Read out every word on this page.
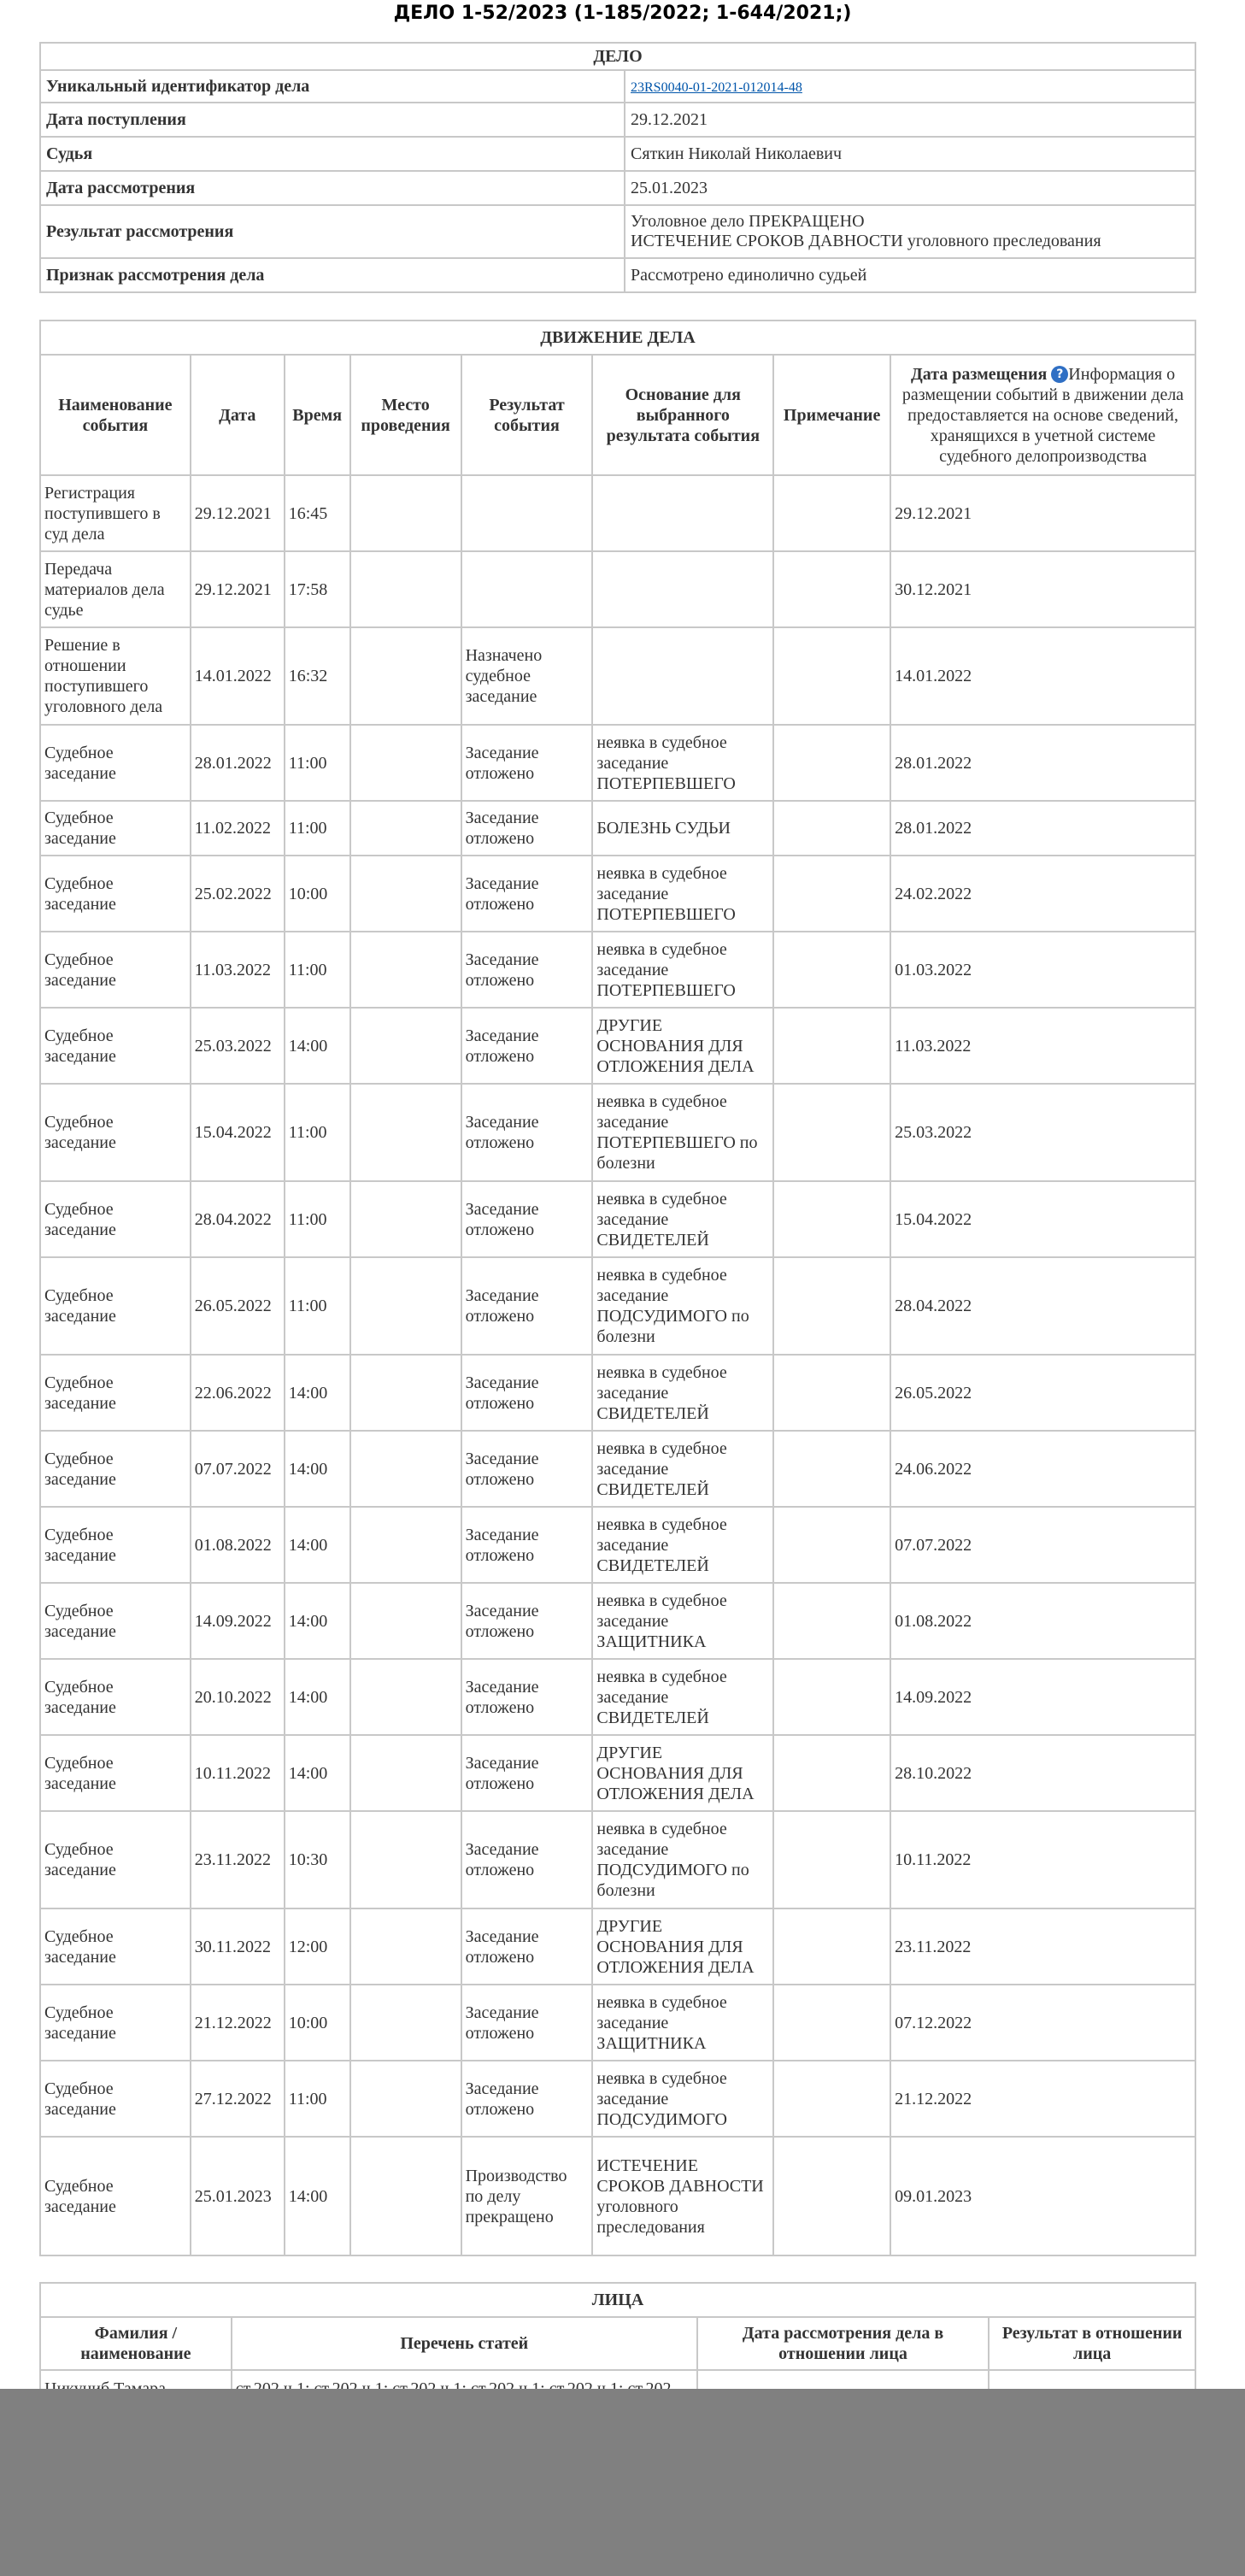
ДЕЛО 1-52/2023 (1-185/2022; 1-644/2021;)
ДЕЛО	
Уникальный идентификатор дела	23RS0040-01-2021-012014-48
Дата поступления	29.12.2021
Судья	Сяткин Николай Николаевич
Дата рассмотрения	25.01.2023
Результат рассмотрения	Уголовное дело ПРЕКРАЩЕНО
ИСТЕЧЕНИЕ СРОКОВ ДАВНОСТИ уголовного преследования
Признак рассмотрения дела	Рассмотрено единолично судьей
ДВИЖЕНИЕ ДЕЛА							
Наименование события	Дата	Время	Место проведения	Результат события	Основание для выбранного результата события	Примечание	Дата размещения ? Информация о размещении событий в движении дела предоставляется на основе сведений, хранящихся в учетной системе судебного делопроизводства
Регистрация поступившего в суд дела	29.12.2021	16:45					29.12.2021
Передача материалов дела судье	29.12.2021	17:58					30.12.2021
Решение в отношении поступившего уголовного дела	14.01.2022	16:32		Назначено судебное заседание			14.01.2022
Судебное заседание	28.01.2022	11:00		Заседание отложено	неявка в судебное заседание ПОТЕРПЕВШЕГО		28.01.2022
Судебное заседание	11.02.2022	11:00		Заседание отложено	БОЛЕЗНЬ СУДЬИ		28.01.2022
Судебное заседание	25.02.2022	10:00		Заседание отложено	неявка в судебное заседание ПОТЕРПЕВШЕГО		24.02.2022
Судебное заседание	11.03.2022	11:00		Заседание отложено	неявка в судебное заседание ПОТЕРПЕВШЕГО		01.03.2022
Судебное заседание	25.03.2022	14:00		Заседание отложено	ДРУГИЕ ОСНОВАНИЯ ДЛЯ ОТЛОЖЕНИЯ ДЕЛА		11.03.2022
Судебное заседание	15.04.2022	11:00		Заседание отложено	неявка в судебное заседание ПОТЕРПЕВШЕГО по болезни		25.03.2022
Судебное заседание	28.04.2022	11:00		Заседание отложено	неявка в судебное заседание СВИДЕТЕЛЕЙ		15.04.2022
Судебное заседание	26.05.2022	11:00		Заседание отложено	неявка в судебное заседание ПОДСУДИМОГО по болезни		28.04.2022
Судебное заседание	22.06.2022	14:00		Заседание отложено	неявка в судебное заседание СВИДЕТЕЛЕЙ		26.05.2022
Судебное заседание	07.07.2022	14:00		Заседание отложено	неявка в судебное заседание СВИДЕТЕЛЕЙ		24.06.2022
Судебное заседание	01.08.2022	14:00		Заседание отложено	неявка в судебное заседание СВИДЕТЕЛЕЙ		07.07.2022
Судебное заседание	14.09.2022	14:00		Заседание отложено	неявка в судебное заседание ЗАЩИТНИКА		01.08.2022
Судебное заседание	20.10.2022	14:00		Заседание отложено	неявка в судебное заседание СВИДЕТЕЛЕЙ		14.09.2022
Судебное заседание	10.11.2022	14:00		Заседание отложено	ДРУГИЕ ОСНОВАНИЯ ДЛЯ ОТЛОЖЕНИЯ ДЕЛА		28.10.2022
Судебное заседание	23.11.2022	10:30		Заседание отложено	неявка в судебное заседание ПОДСУДИМОГО по болезни		10.11.2022
Судебное заседание	30.11.2022	12:00		Заседание отложено	ДРУГИЕ ОСНОВАНИЯ ДЛЯ ОТЛОЖЕНИЯ ДЕЛА		23.11.2022
Судебное заседание	21.12.2022	10:00		Заседание отложено	неявка в судебное заседание ЗАЩИТНИКА		07.12.2022
Судебное заседание	27.12.2022	11:00		Заседание отложено	неявка в судебное заседание ПОДСУДИМОГО		21.12.2022
Судебное заседание	25.01.2023	14:00		Производство по делу прекращено	ИСТЕЧЕНИЕ СРОКОВ ДАВНОСТИ уголовного преследования		09.01.2023
ЛИЦА			
Фамилия / наименование	Перечень статей	Дата рассмотрения дела в отношении лица	Результат в отношении лица
